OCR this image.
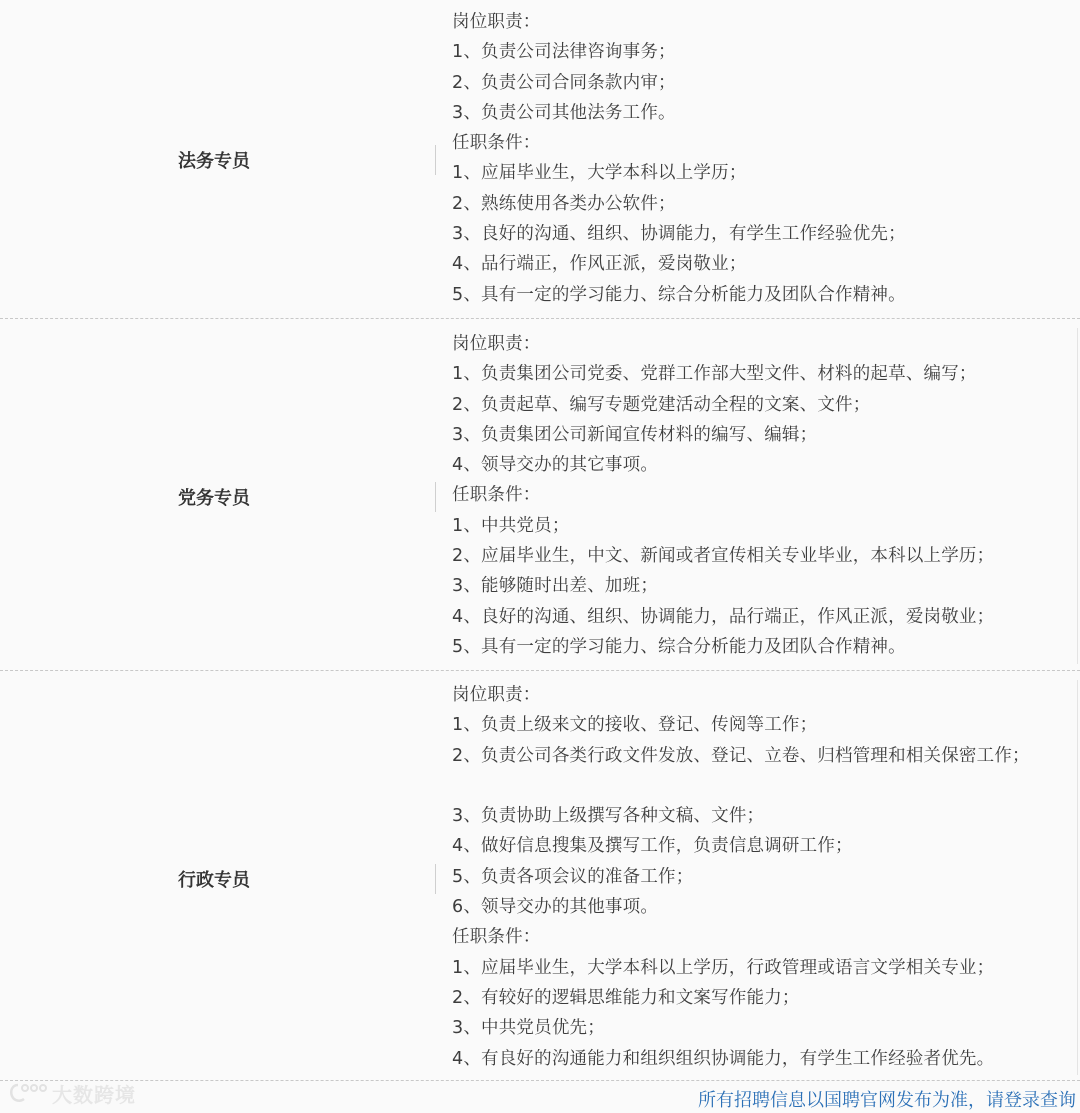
法务专员
岗位职责：
1、负责公司法律咨询事务；
2、负责公司合同条款内审；
3、负责公司其他法务工作。
任职条件：
1、应届毕业生，大学本科以上学历；
2、熟练使用各类办公软件；
3、良好的沟通、组织、协调能力，有学生工作经验优先；
4、品行端正，作风正派，爱岗敬业；
5、具有一定的学习能力、综合分析能力及团队合作精神。
党务专员
岗位职责：
1、负责集团公司党委、党群工作部大型文件、材料的起草、编写；
2、负责起草、编写专题党建活动全程的文案、文件；
3、负责集团公司新闻宣传材料的编写、编辑；
4、领导交办的其它事项。
任职条件：
1、中共党员；
2、应届毕业生，中文、新闻或者宣传相关专业毕业，本科以上学历；
3、能够随时出差、加班；
4、良好的沟通、组织、协调能力，品行端正，作风正派，爱岗敬业；
5、具有一定的学习能力、综合分析能力及团队合作精神。
行政专员
岗位职责：
1、负责上级来文的接收、登记、传阅等工作；
2、负责公司各类行政文件发放、登记、立卷、归档管理和相关保密工作；
3、负责协助上级撰写各种文稿、文件；
4、做好信息搜集及撰写工作，负责信息调研工作；
5、负责各项会议的准备工作；
6、领导交办的其他事项。
任职条件：
1、应届毕业生，大学本科以上学历，行政管理或语言文学相关专业；
2、有较好的逻辑思维能力和文案写作能力；
3、中共党员优先；
4、有良好的沟通能力和组织组织协调能力，有学生工作经验者优先。
大数跨境	所有招聘信息以国聘官网发布为准，请登录查询
